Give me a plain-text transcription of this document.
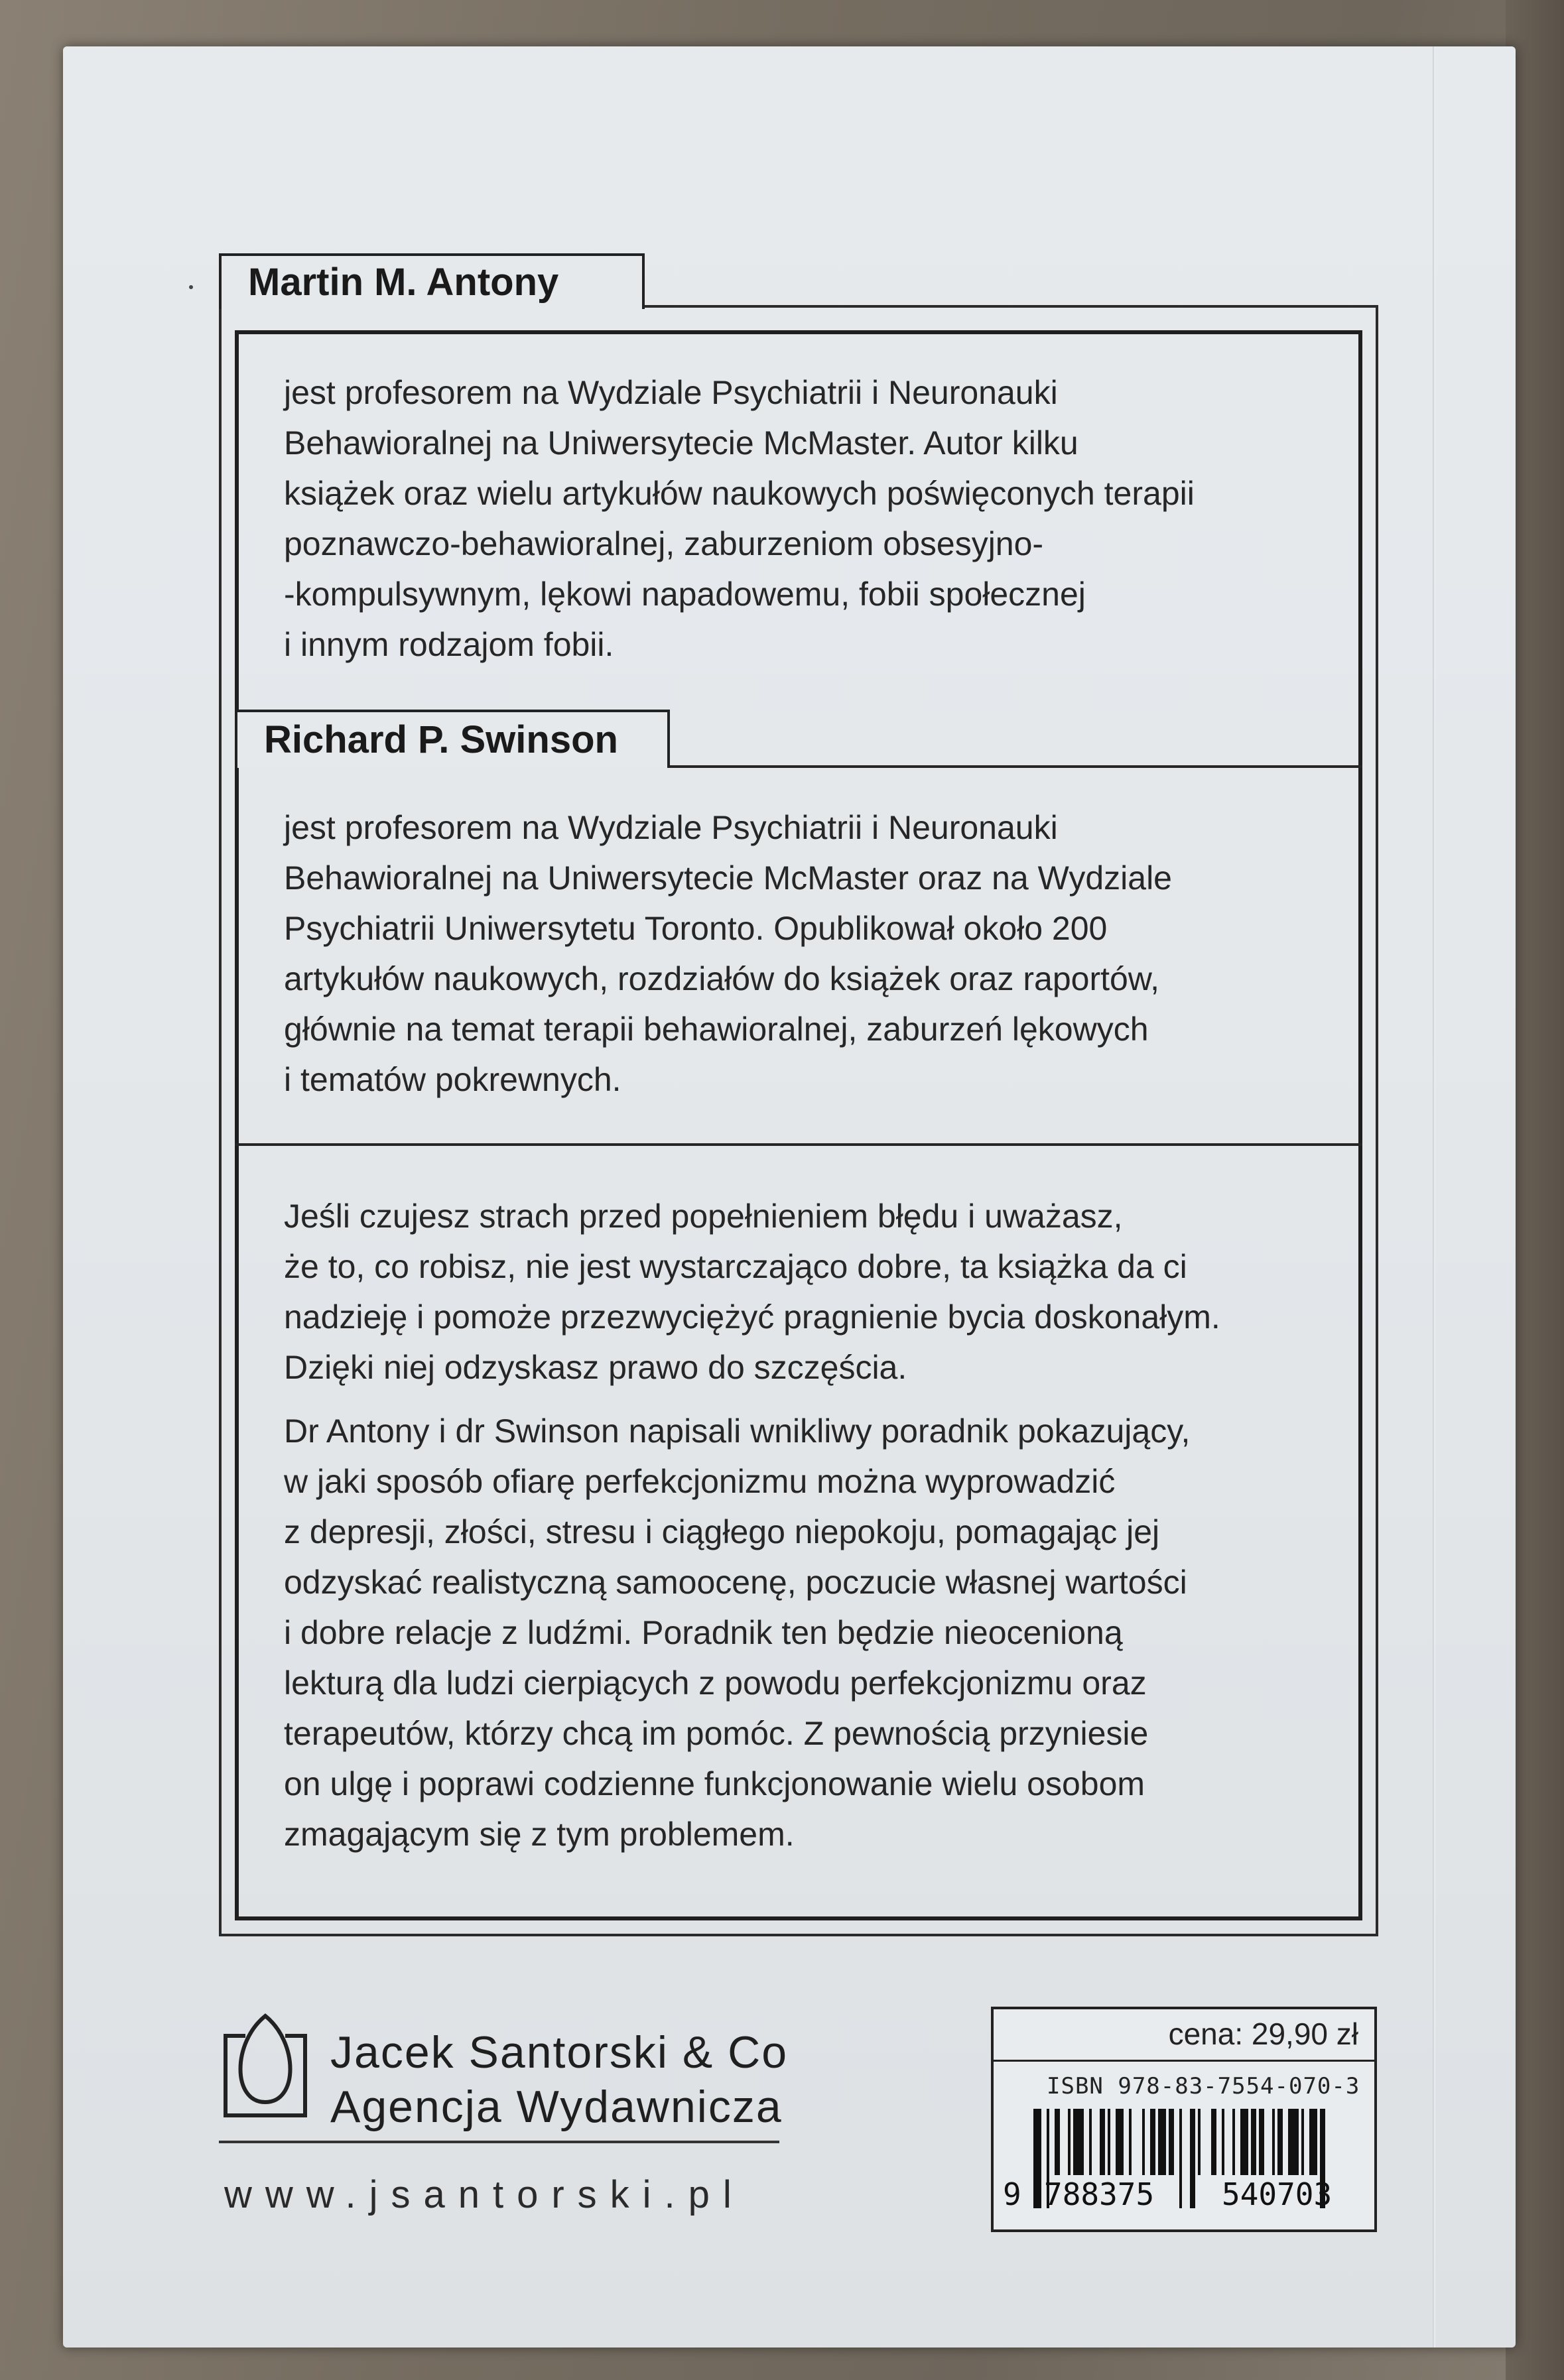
Martin M. Antony
jest profesorem na Wydziale Psychiatrii i Neuronauki
Behawioralnej na Uniwersytecie McMaster. Autor kilku
książek oraz wielu artykułów naukowych poświęconych terapii
poznawczo-behawioralnej, zaburzeniom obsesyjno-
-kompulsywnym, lękowi napadowemu, fobii społecznej
i innym rodzajom fobii.
Richard P. Swinson
jest profesorem na Wydziale Psychiatrii i Neuronauki
Behawioralnej na Uniwersytecie McMaster oraz na Wydziale
Psychiatrii Uniwersytetu Toronto. Opublikował około 200
artykułów naukowych, rozdziałów do książek oraz raportów,
głównie na temat terapii behawioralnej, zaburzeń lękowych
i tematów pokrewnych.
Jeśli czujesz strach przed popełnieniem błędu i uważasz,
że to, co robisz, nie jest wystarczająco dobre, ta książka da ci
nadzieję i pomoże przezwyciężyć pragnienie bycia doskonałym.
Dzięki niej odzyskasz prawo do szczęścia.
Dr Antony i dr Swinson napisali wnikliwy poradnik pokazujący,
w jaki sposób ofiarę perfekcjonizmu można wyprowadzić
z depresji, złości, stresu i ciągłego niepokoju, pomagając jej
odzyskać realistyczną samoocenę, poczucie własnej wartości
i dobre relacje z ludźmi. Poradnik ten będzie nieocenioną
lekturą dla ludzi cierpiących z powodu perfekcjonizmu oraz
terapeutów, którzy chcą im pomóc. Z pewnością przyniesie
on ulgę i poprawi codzienne funkcjonowanie wielu osobom
zmagającym się z tym problemem.
Jacek Santorski & Co
Agencja Wydawnicza
www.jsantorski.pl
cena: 29,90 zł
ISBN 978-83-7554-070-3
9 788375 540703
